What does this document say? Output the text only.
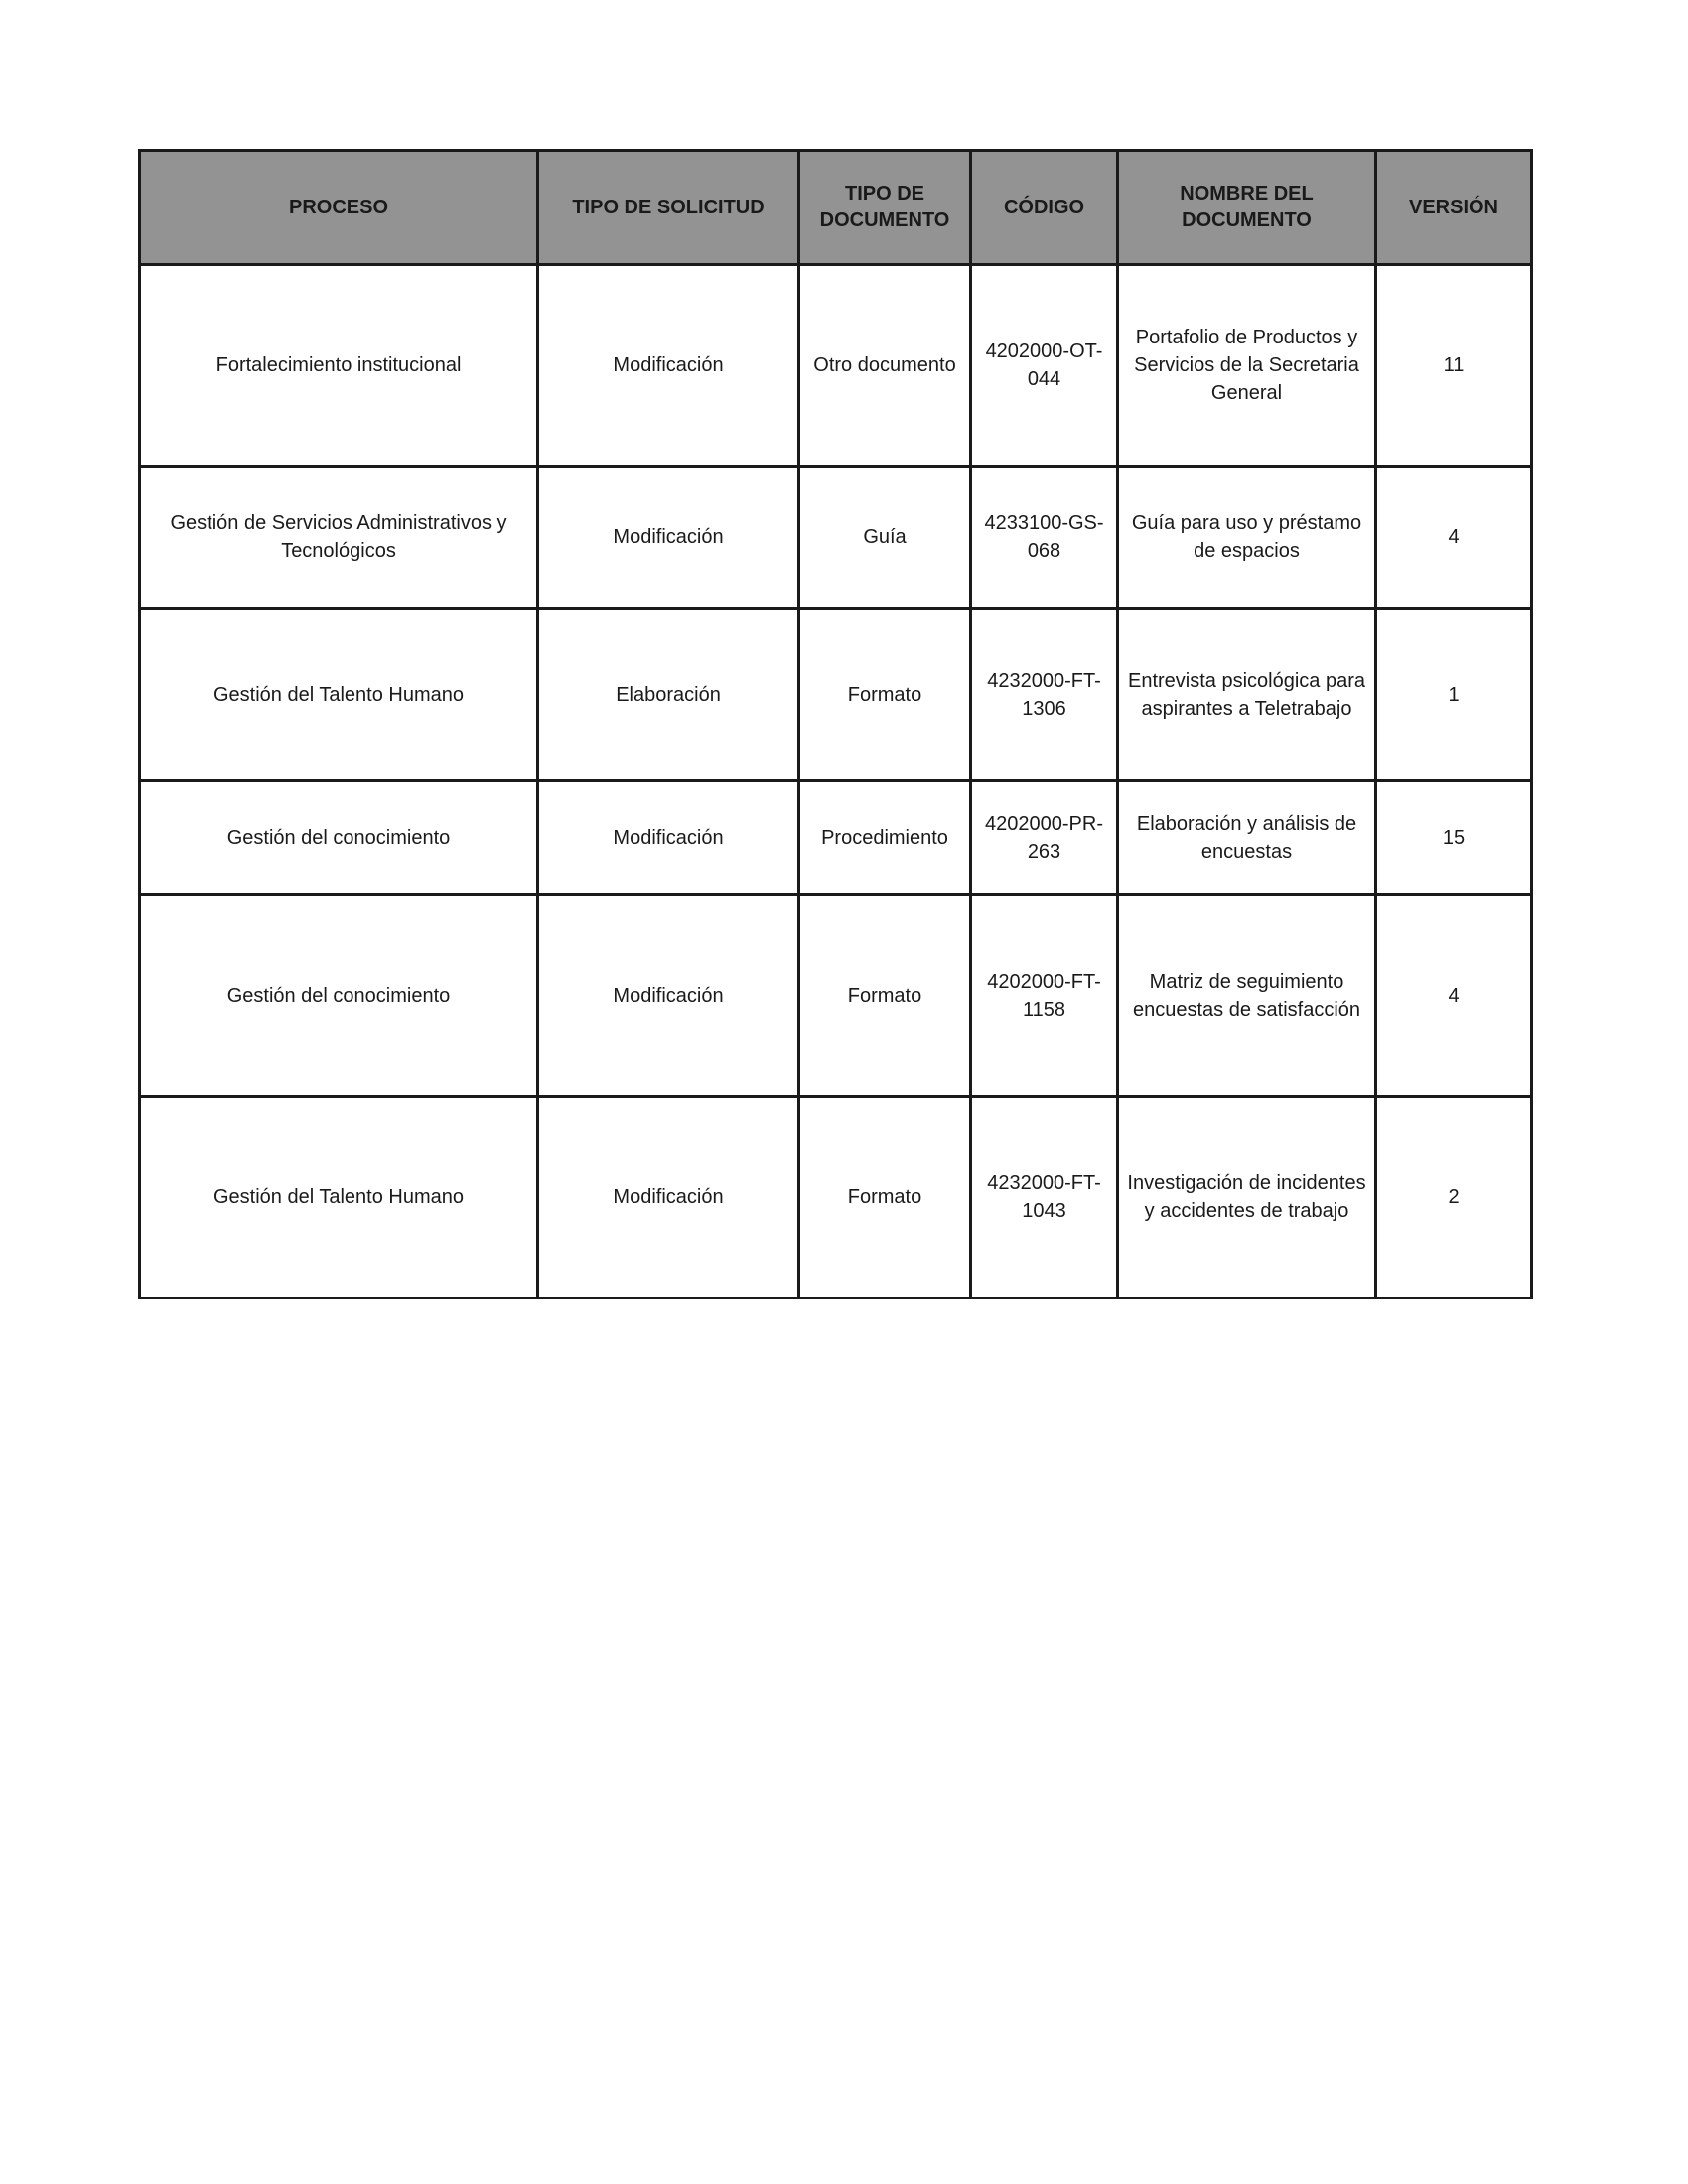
PROCESO	TIPO DE SOLICITUD	TIPO DE DOCUMENTO	CÓDIGO	NOMBRE DEL DOCUMENTO	VERSIÓN
Fortalecimiento institucional	Modificación	Otro documento	4202000-OT-044	Portafolio de Productos y Servicios de la Secretaria General	11
Gestión de Servicios Administrativos y Tecnológicos	Modificación	Guía	4233100-GS-068	Guía para uso y préstamo de espacios	4
Gestión del Talento Humano	Elaboración	Formato	4232000-FT-1306	Entrevista psicológica para aspirantes a Teletrabajo	1
Gestión del conocimiento	Modificación	Procedimiento	4202000-PR-263	Elaboración y análisis de encuestas	15
Gestión del conocimiento	Modificación	Formato	4202000-FT-1158	Matriz de seguimiento encuestas de satisfacción	4
Gestión del Talento Humano	Modificación	Formato	4232000-FT-1043	Investigación de incidentes y accidentes de trabajo	2
